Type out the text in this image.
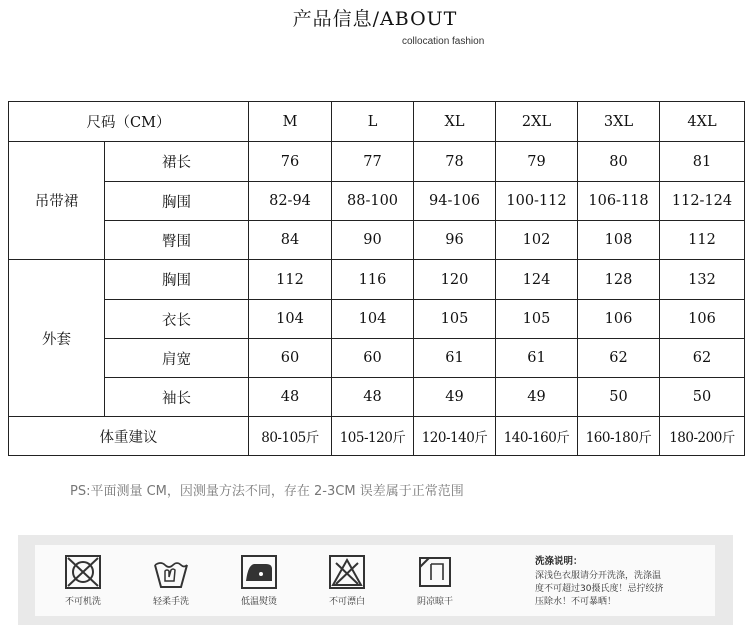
产品信息/ABOUT
collocation fashion
尺码（CM）		M	L	XL	2XL	3XL	4XL
吊带裙	裙长	76	77	78	79	80	81
	胸围	82-94	88-100	94-106	100-112	106-118	112-124
	臀围	84	90	96	102	108	112
外套	胸围	112	116	120	124	128	132
	衣长	104	104	105	105	106	106
	肩宽	60	60	61	61	62	62
	袖长	48	48	49	49	50	50
体重建议		80-105斤	105-120斤	120-140斤	140-160斤	160-180斤	180-200斤
PS:平面测量 CM，因测量方法不同，存在 2-3CM 误差属于正常范围
不可机洗	轻柔手洗	低温熨烫	不可漂白	阴凉晾干
洗涤说明：
深浅色衣服请分开洗涤，洗涤温
度不可超过30摄氏度！忌拧绞挤
压除水！不可暴晒！
